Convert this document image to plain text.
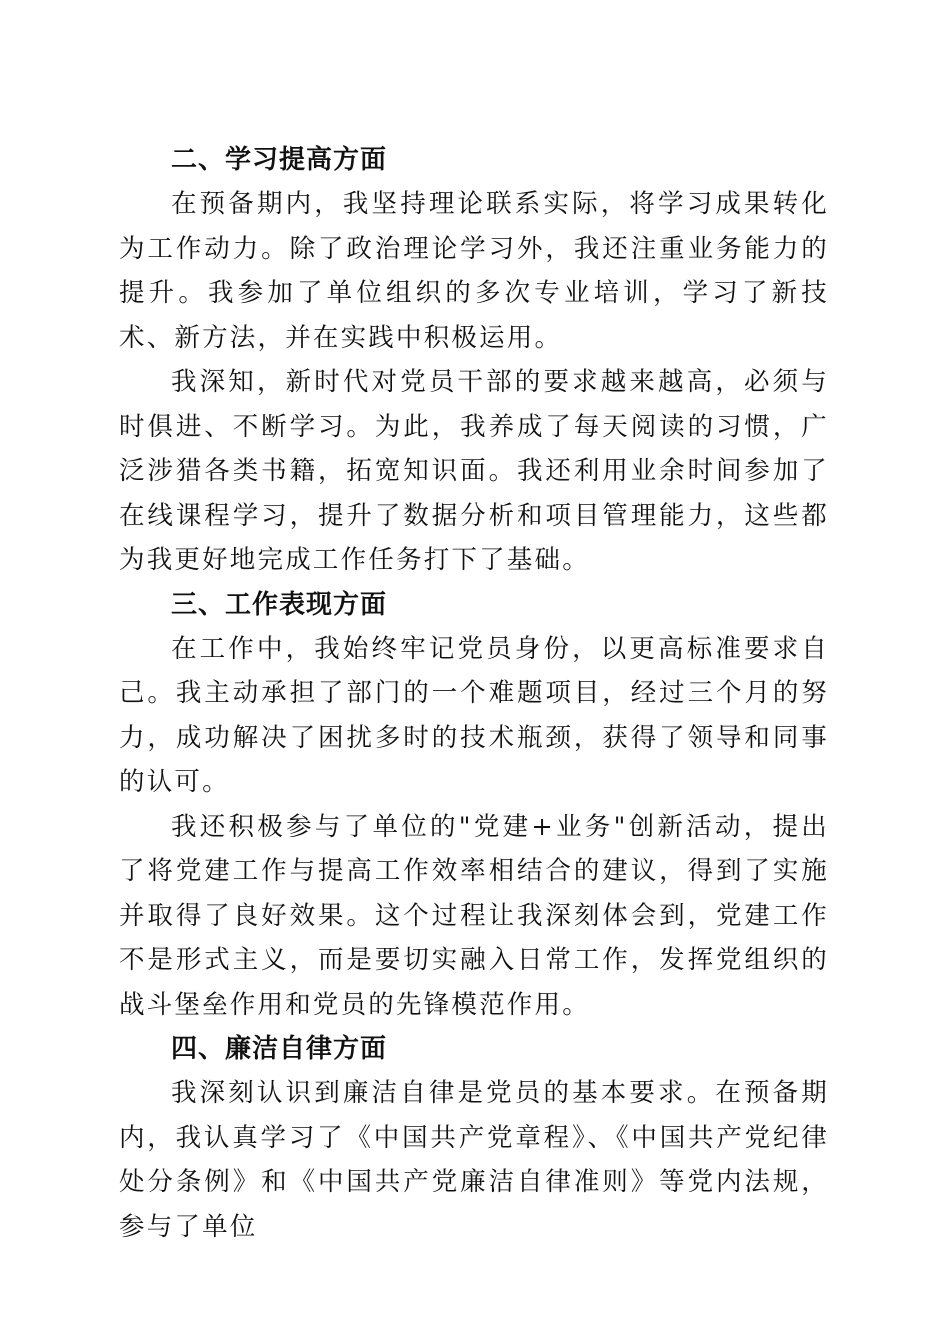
二、学习提高方面

在预备期内，我坚持理论联系实际，将学习成果转化为工作动力。除了政治理论学习外，我还注重业务能力的提升。我参加了单位组织的多次专业培训，学习了新技术、新方法，并在实践中积极运用。

我深知，新时代对党员干部的要求越来越高，必须与时俱进、不断学习。为此，我养成了每天阅读的习惯，广泛涉猎各类书籍，拓宽知识面。我还利用业余时间参加了在线课程学习，提升了数据分析和项目管理能力，这些都为我更好地完成工作任务打下了基础。

三、工作表现方面

在工作中，我始终牢记党员身份，以更高标准要求自己。我主动承担了部门的一个难题项目，经过三个月的努力，成功解决了困扰多时的技术瓶颈，获得了领导和同事的认可。

我还积极参与了单位的"党建+业务"创新活动，提出了将党建工作与提高工作效率相结合的建议，得到了实施并取得了良好效果。这个过程让我深刻体会到，党建工作不是形式主义，而是要切实融入日常工作，发挥党组织的战斗堡垒作用和党员的先锋模范作用。

四、廉洁自律方面

我深刻认识到廉洁自律是党员的基本要求。在预备期内，我认真学习了《中国共产党章程》、《中国共产党纪律处分条例》和《中国共产党廉洁自律准则》等党内法规，参与了单位
